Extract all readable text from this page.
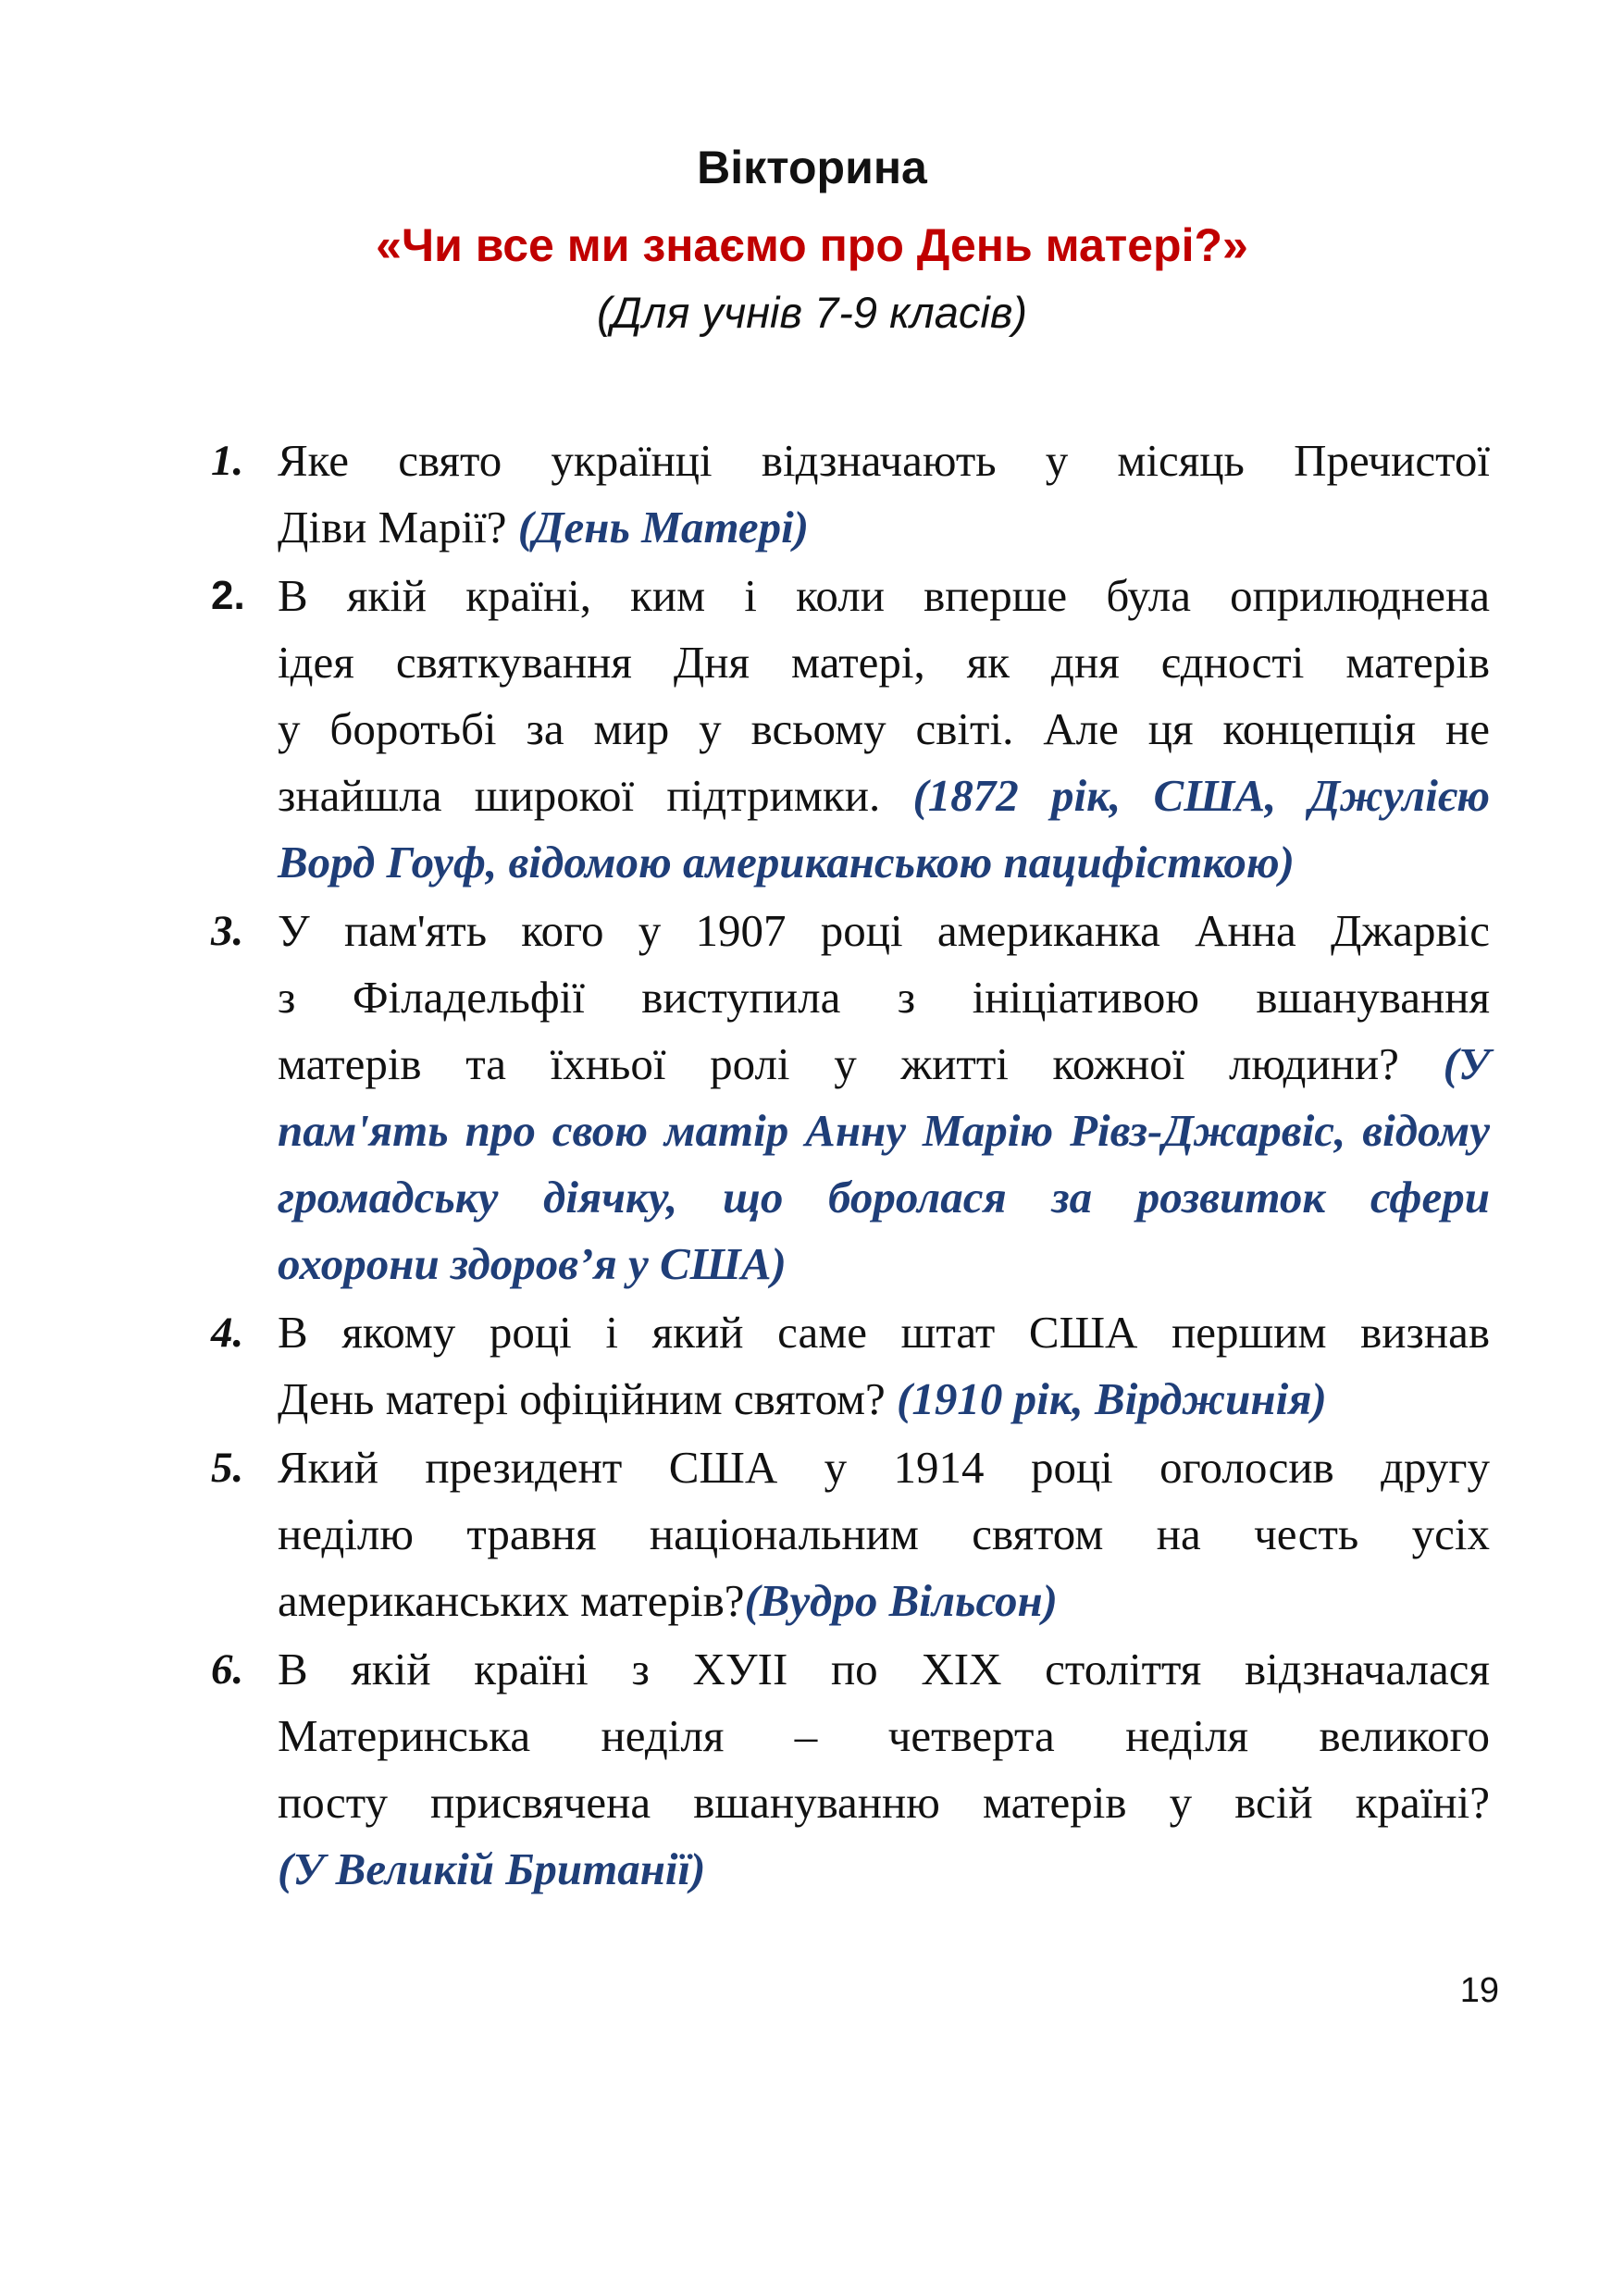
Вікторина
«Чи все ми знаємо про День матері?»
(Для учнів 7-9 класів)
1. Яке свято українці відзначають у місяць Пречистої
Діви Марії? (День Матері)
2. В якій країні, ким і коли вперше була оприлюднена
ідея святкування Дня матері, як дня єдності матерів
у боротьбі за мир у всьому світі. Але ця концепція не
знайшла широкої підтримки. (1872 рік, США, Джулією
Ворд Гоуф, відомою американською пацифісткою)
3. У пам'ять кого у 1907 році американка Анна Джарвіс
з Філадельфії виступила з ініціативою вшанування
матерів та їхньої ролі у житті кожної людини? (У
пам'ять про свою матір Анну Марію Рівз-Джарвіс, відому
громадську діячку, що боролася за розвиток сфери
охорони здоров’я у США)
4. В якому році і який саме штат США першим визнав
День матері офіційним святом? (1910 рік, Вірджинія)
5. Який президент США у 1914 році оголосив другу
неділю травня національним святом на честь усіх
американських матерів?(Вудро Вільсон)
6. В якій країні з ХУІІ по ХІХ століття відзначалася
Материнська неділя – четверта неділя великого
посту присвячена вшануванню матерів у всій країні?
(У Великій Британії)
19
